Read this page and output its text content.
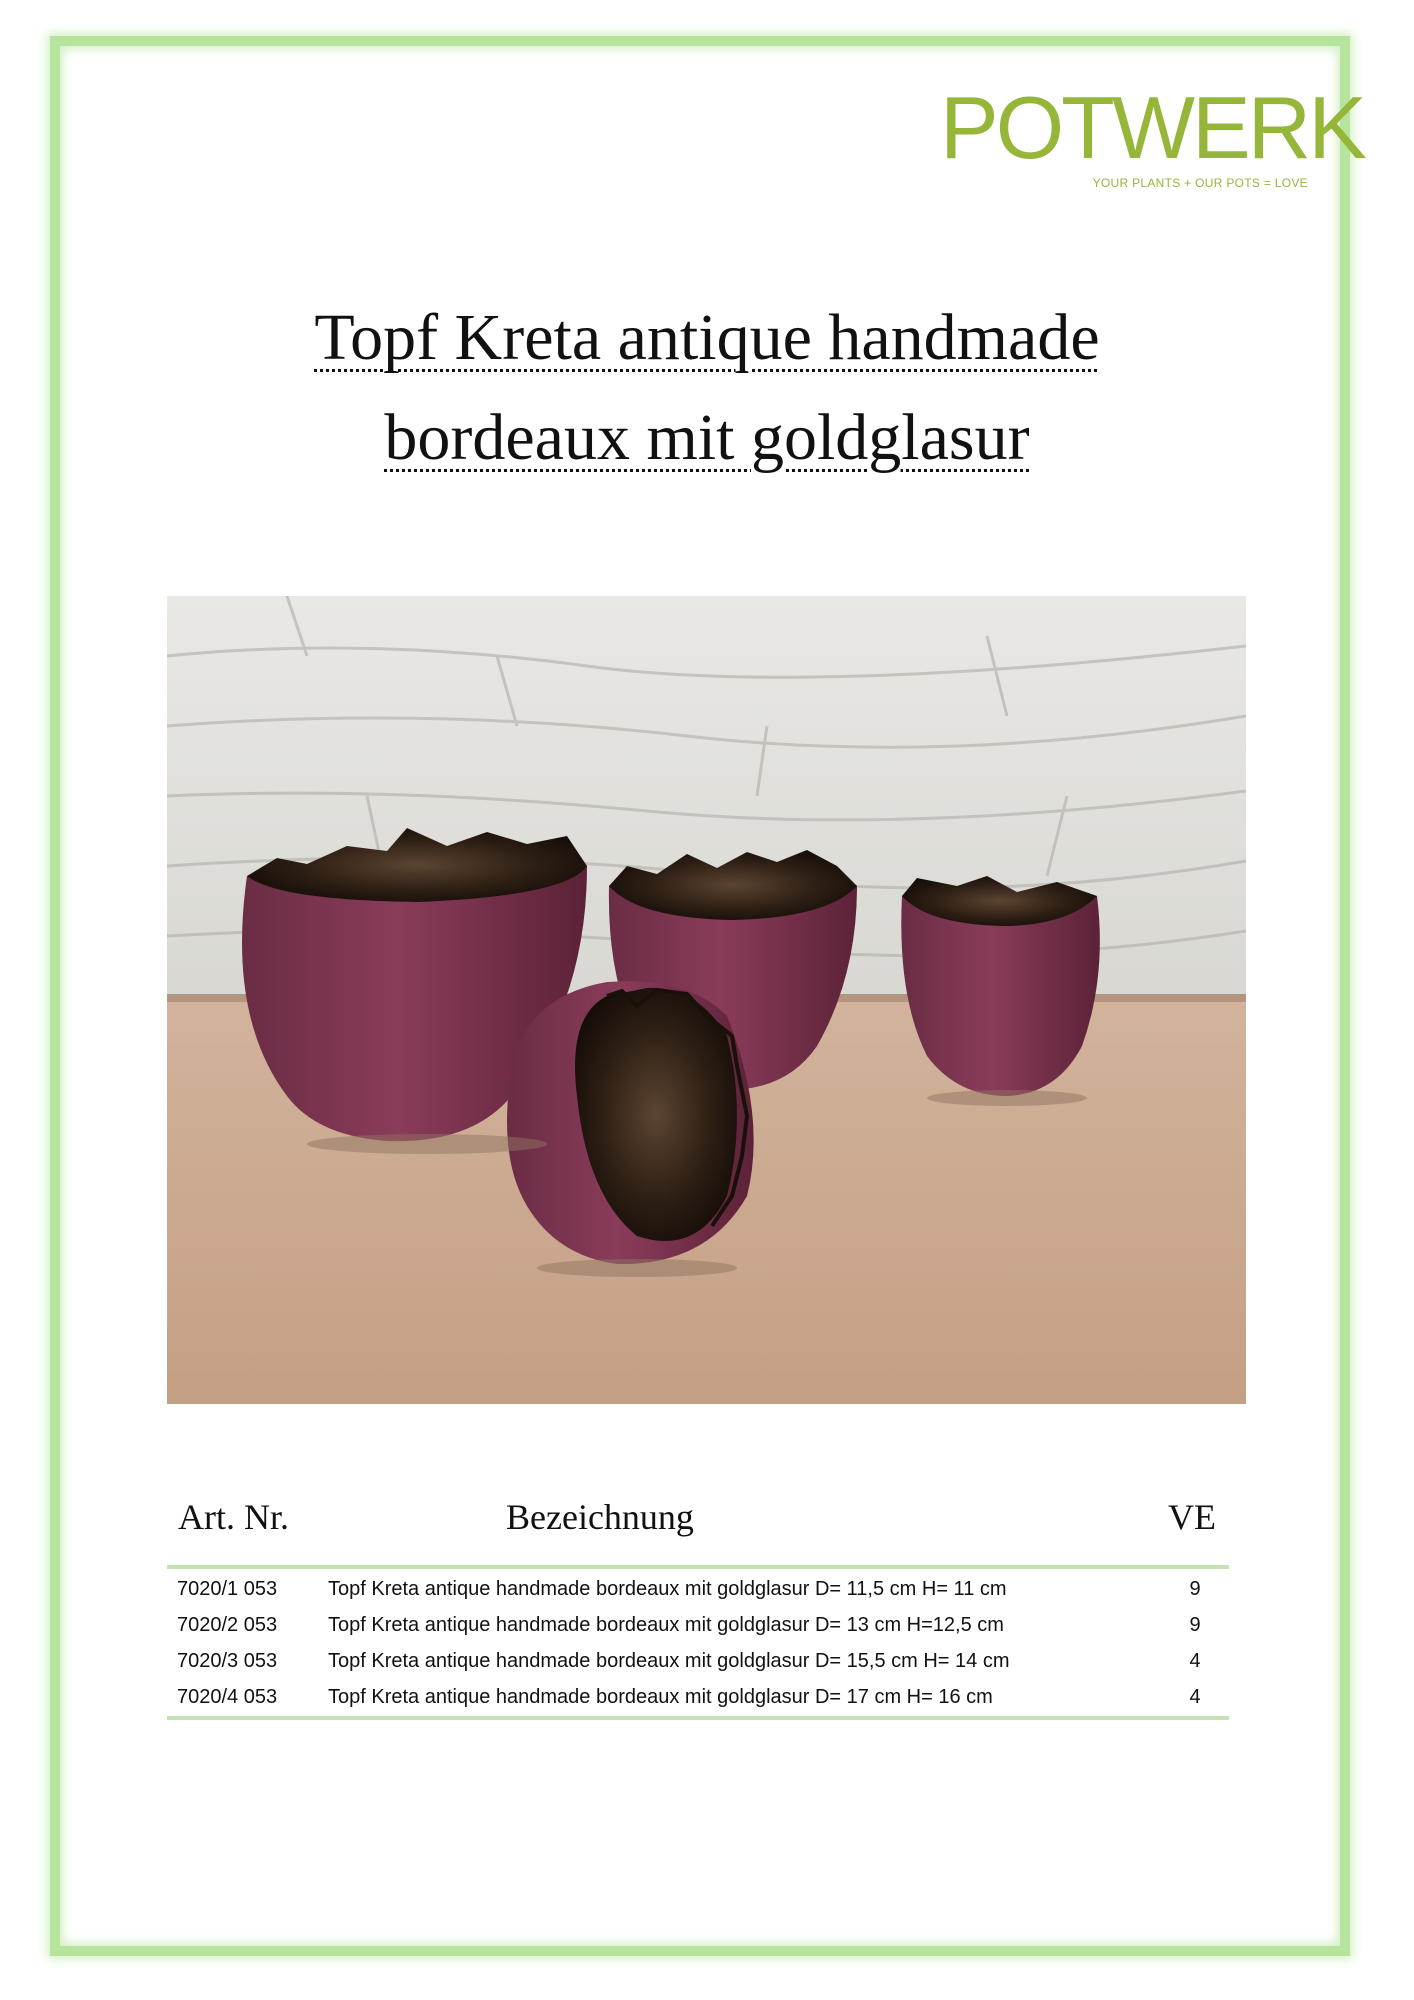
POTWERK
YOUR PLANTS + OUR POTS = LOVE
Topf Kreta antique handmade
bordeaux mit goldglasur
Art. Nr.	Bezeichnung	VE
7020/1 053	Topf Kreta antique handmade bordeaux mit goldglasur D= 11,5 cm H= 11 cm	9
7020/2 053	Topf Kreta antique handmade bordeaux mit goldglasur D= 13 cm H=12,5 cm	9
7020/3 053	Topf Kreta antique handmade bordeaux mit goldglasur D= 15,5 cm H= 14 cm	4
7020/4 053	Topf Kreta antique handmade bordeaux mit goldglasur D= 17 cm H= 16 cm	4
